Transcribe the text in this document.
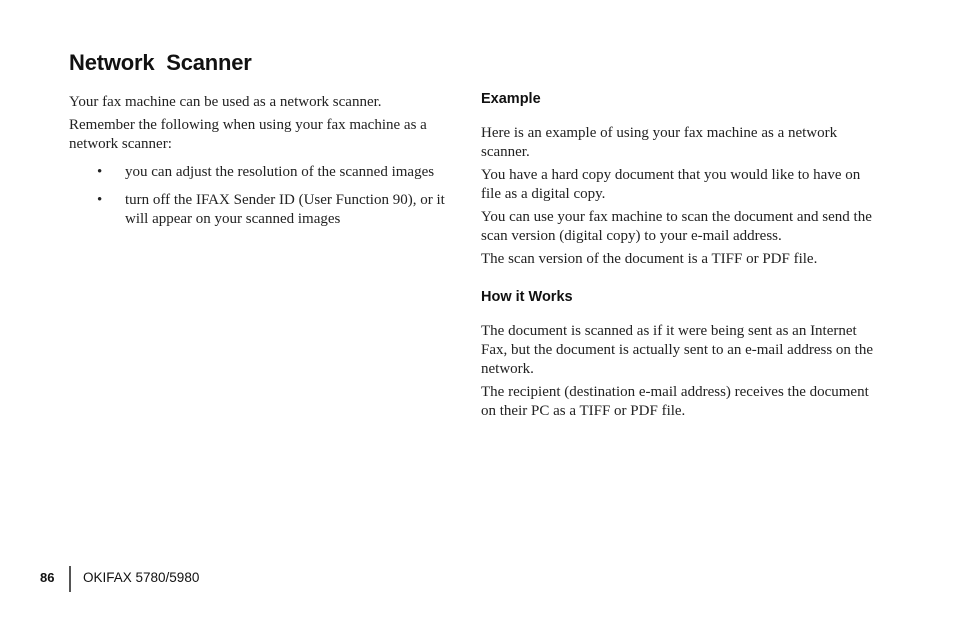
Network  Scanner

Your fax machine can be used as a network scanner.

Remember the following when using your fax machine as a network scanner:

• you can adjust the resolution of the scanned images
• turn off the IFAX Sender ID (User Function 90), or it will appear on your scanned images
Example

Here is an example of using your fax machine as a network scanner.

You have a hard copy document that you would like to have on file as a digital copy.

You can use your fax machine to scan the document and send the scan version (digital copy) to your e-mail address.

The scan version of the document is a TIFF or PDF file.

How it Works

The document is scanned as if it were being sent as an Internet Fax, but the document is actually sent to an e-mail address on the network.

The recipient (destination e-mail address) receives the document on their PC as a TIFF or PDF file.

86 OKIFAX 5780/5980
